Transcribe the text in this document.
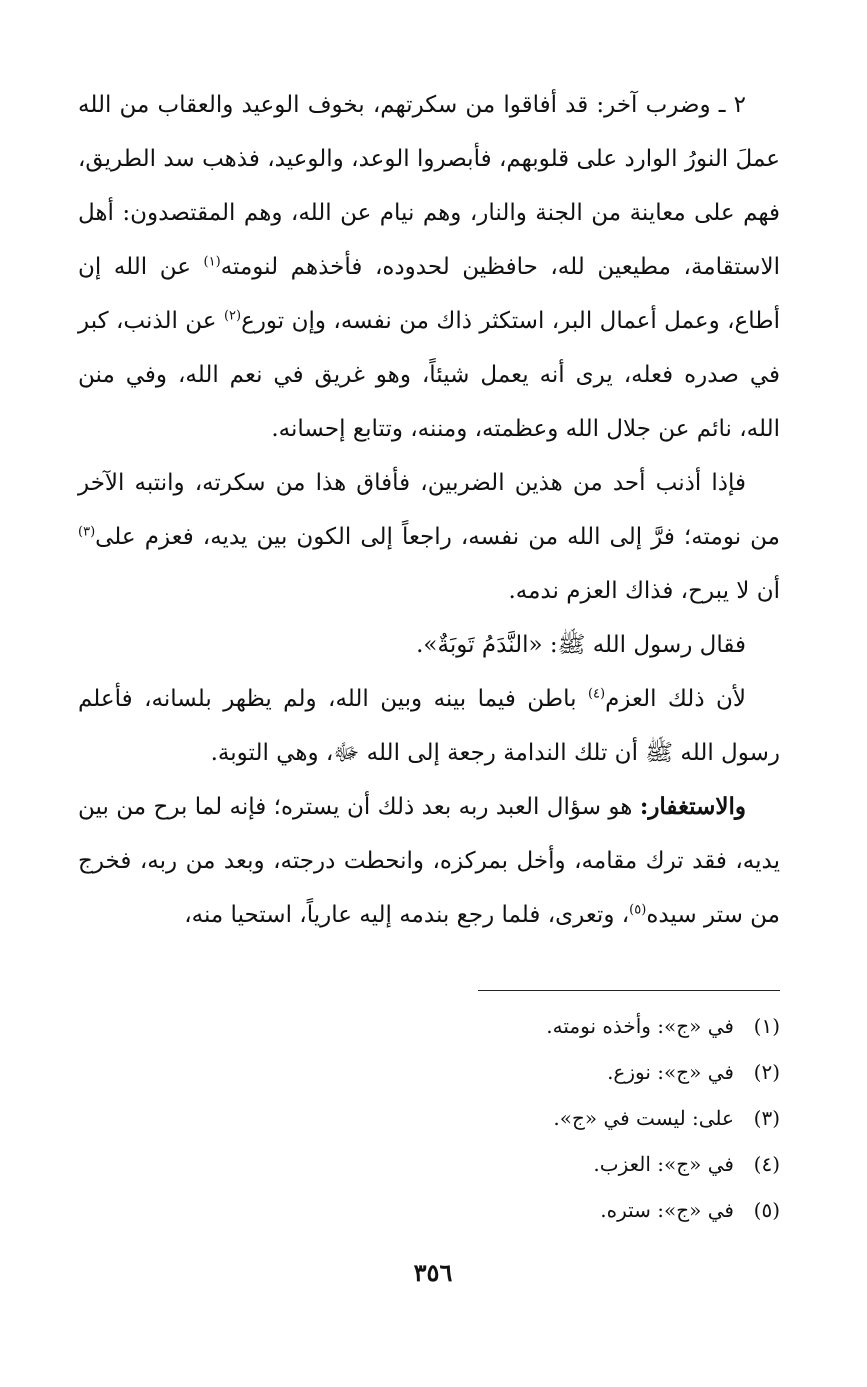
٢ ـ وضرب آخر: قد أفاقوا من سكرتهم، بخوف الوعيد والعقاب من الله عملَ النورُ الوارد على قلوبهم، فأبصروا الوعد، والوعيد، فذهب سد الطريق، فهم على معاينة من الجنة والنار، وهم نيام عن الله، وهم المقتصدون: أهل الاستقامة، مطيعين لله، حافظين لحدوده، فأخذهم لنومته$^{(١)}$ عن الله إن أطاع، وعمل أعمال البر، استكثر ذاك من نفسه، وإن تورع$^{(٢)}$ عن الذنب، كبر في صدره فعله، يرى أنه يعمل شيئاً، وهو غريق في نعم الله، وفي منن الله، نائم عن جلال الله وعظمته، ومننه، وتتابع إحسانه.

فإذا أذنب أحد من هذين الضربين، فأفاق هذا من سكرته، وانتبه الآخر من نومته؛ فرَّ إلى الله من نفسه، راجعاً إلى الكون بين يديه، فعزم على$^{(٣)}$ أن لا يبرح، فذاك العزم ندمه.

فقال رسول الله ﷺ: «النَّدَمُ تَوبَةٌ».

لأن ذلك العزم$^{(٤)}$ باطن فيما بينه وبين الله، ولم يظهر بلسانه، فأعلم رسول الله ﷺ أن تلك الندامة رجعة إلى الله ﷻ، وهي التوبة.

والاستغفار: هو سؤال العبد ربه بعد ذلك أن يستره؛ فإنه لما برح من بين يديه، فقد ترك مقامه، وأخل بمركزه، وانحطت درجته، وبعد من ربه، فخرج من ستر سيده$^{(٥)}$، وتعرى، فلما رجع بندمه إليه عارياً، استحيا منه،

(١)في «ج»: وأخذه نومته.
(٢)في «ج»: نوزع.
(٣)على: ليست في «ج».
(٤)في «ج»: العزب.
(٥)في «ج»: ستره.
٣٥٦
